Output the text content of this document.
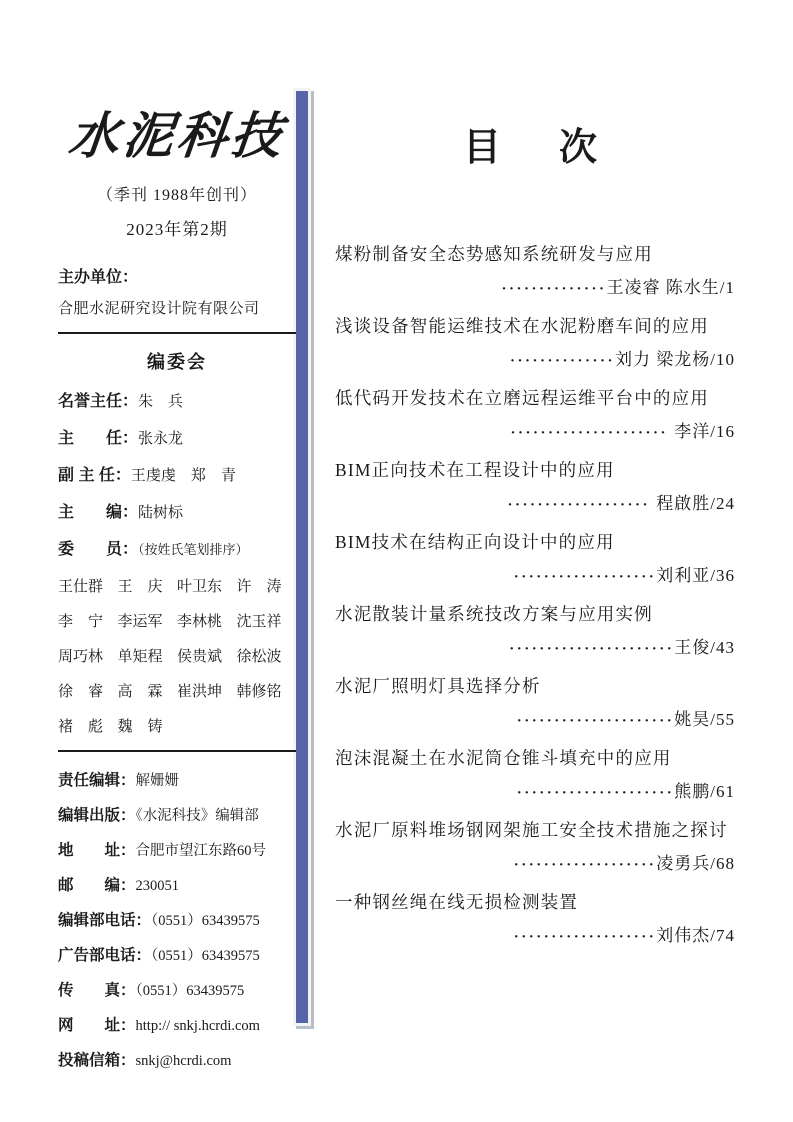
水泥科技
（季刊 1988年创刊）
2023年第2期
主办单位：
合肥水泥研究设计院有限公司
编委会
名誉主任：朱　兵
主　　任：张永龙
副 主 任：王虔虔　郑　青
主　　编：陆树标
委　　员：（按姓氏笔划排序）
王仕群 王　庆 叶卫东 许　涛
李　宁 李运军 李林桃 沈玉祥
周巧林 单矩程 侯贵斌 徐松波
徐　睿 高　霖 崔洪坤 韩修铭
褚　彪 魏　铸
责任编辑：解姗姗
编辑出版：《水泥科技》编辑部
地　　址：合肥市望江东路60号
邮　　编：230051
编辑部电话：（0551）63439575
广告部电话：（0551）63439575
传　　真：（0551）63439575
网　　址：http:// snkj.hcrdi.com
投稿信箱：snkj@hcrdi.com
目　次
煤粉制备安全态势感知系统研发与应用
··············王凌睿 陈水生/1
浅谈设备智能运维技术在水泥粉磨车间的应用
··············刘力 梁龙杨/10
低代码开发技术在立磨远程运维平台中的应用
····················· 李洋/16
BIM正向技术在工程设计中的应用
··················· 程啟胜/24
BIM技术在结构正向设计中的应用
···················刘利亚/36
水泥散装计量系统技改方案与应用实例
······················王俊/43
水泥厂照明灯具选择分析
·····················姚昊/55
泡沫混凝土在水泥筒仓锥斗填充中的应用
·····················熊鹏/61
水泥厂原料堆场钢网架施工安全技术措施之探讨
···················凌勇兵/68
一种钢丝绳在线无损检测装置
···················刘伟杰/74
